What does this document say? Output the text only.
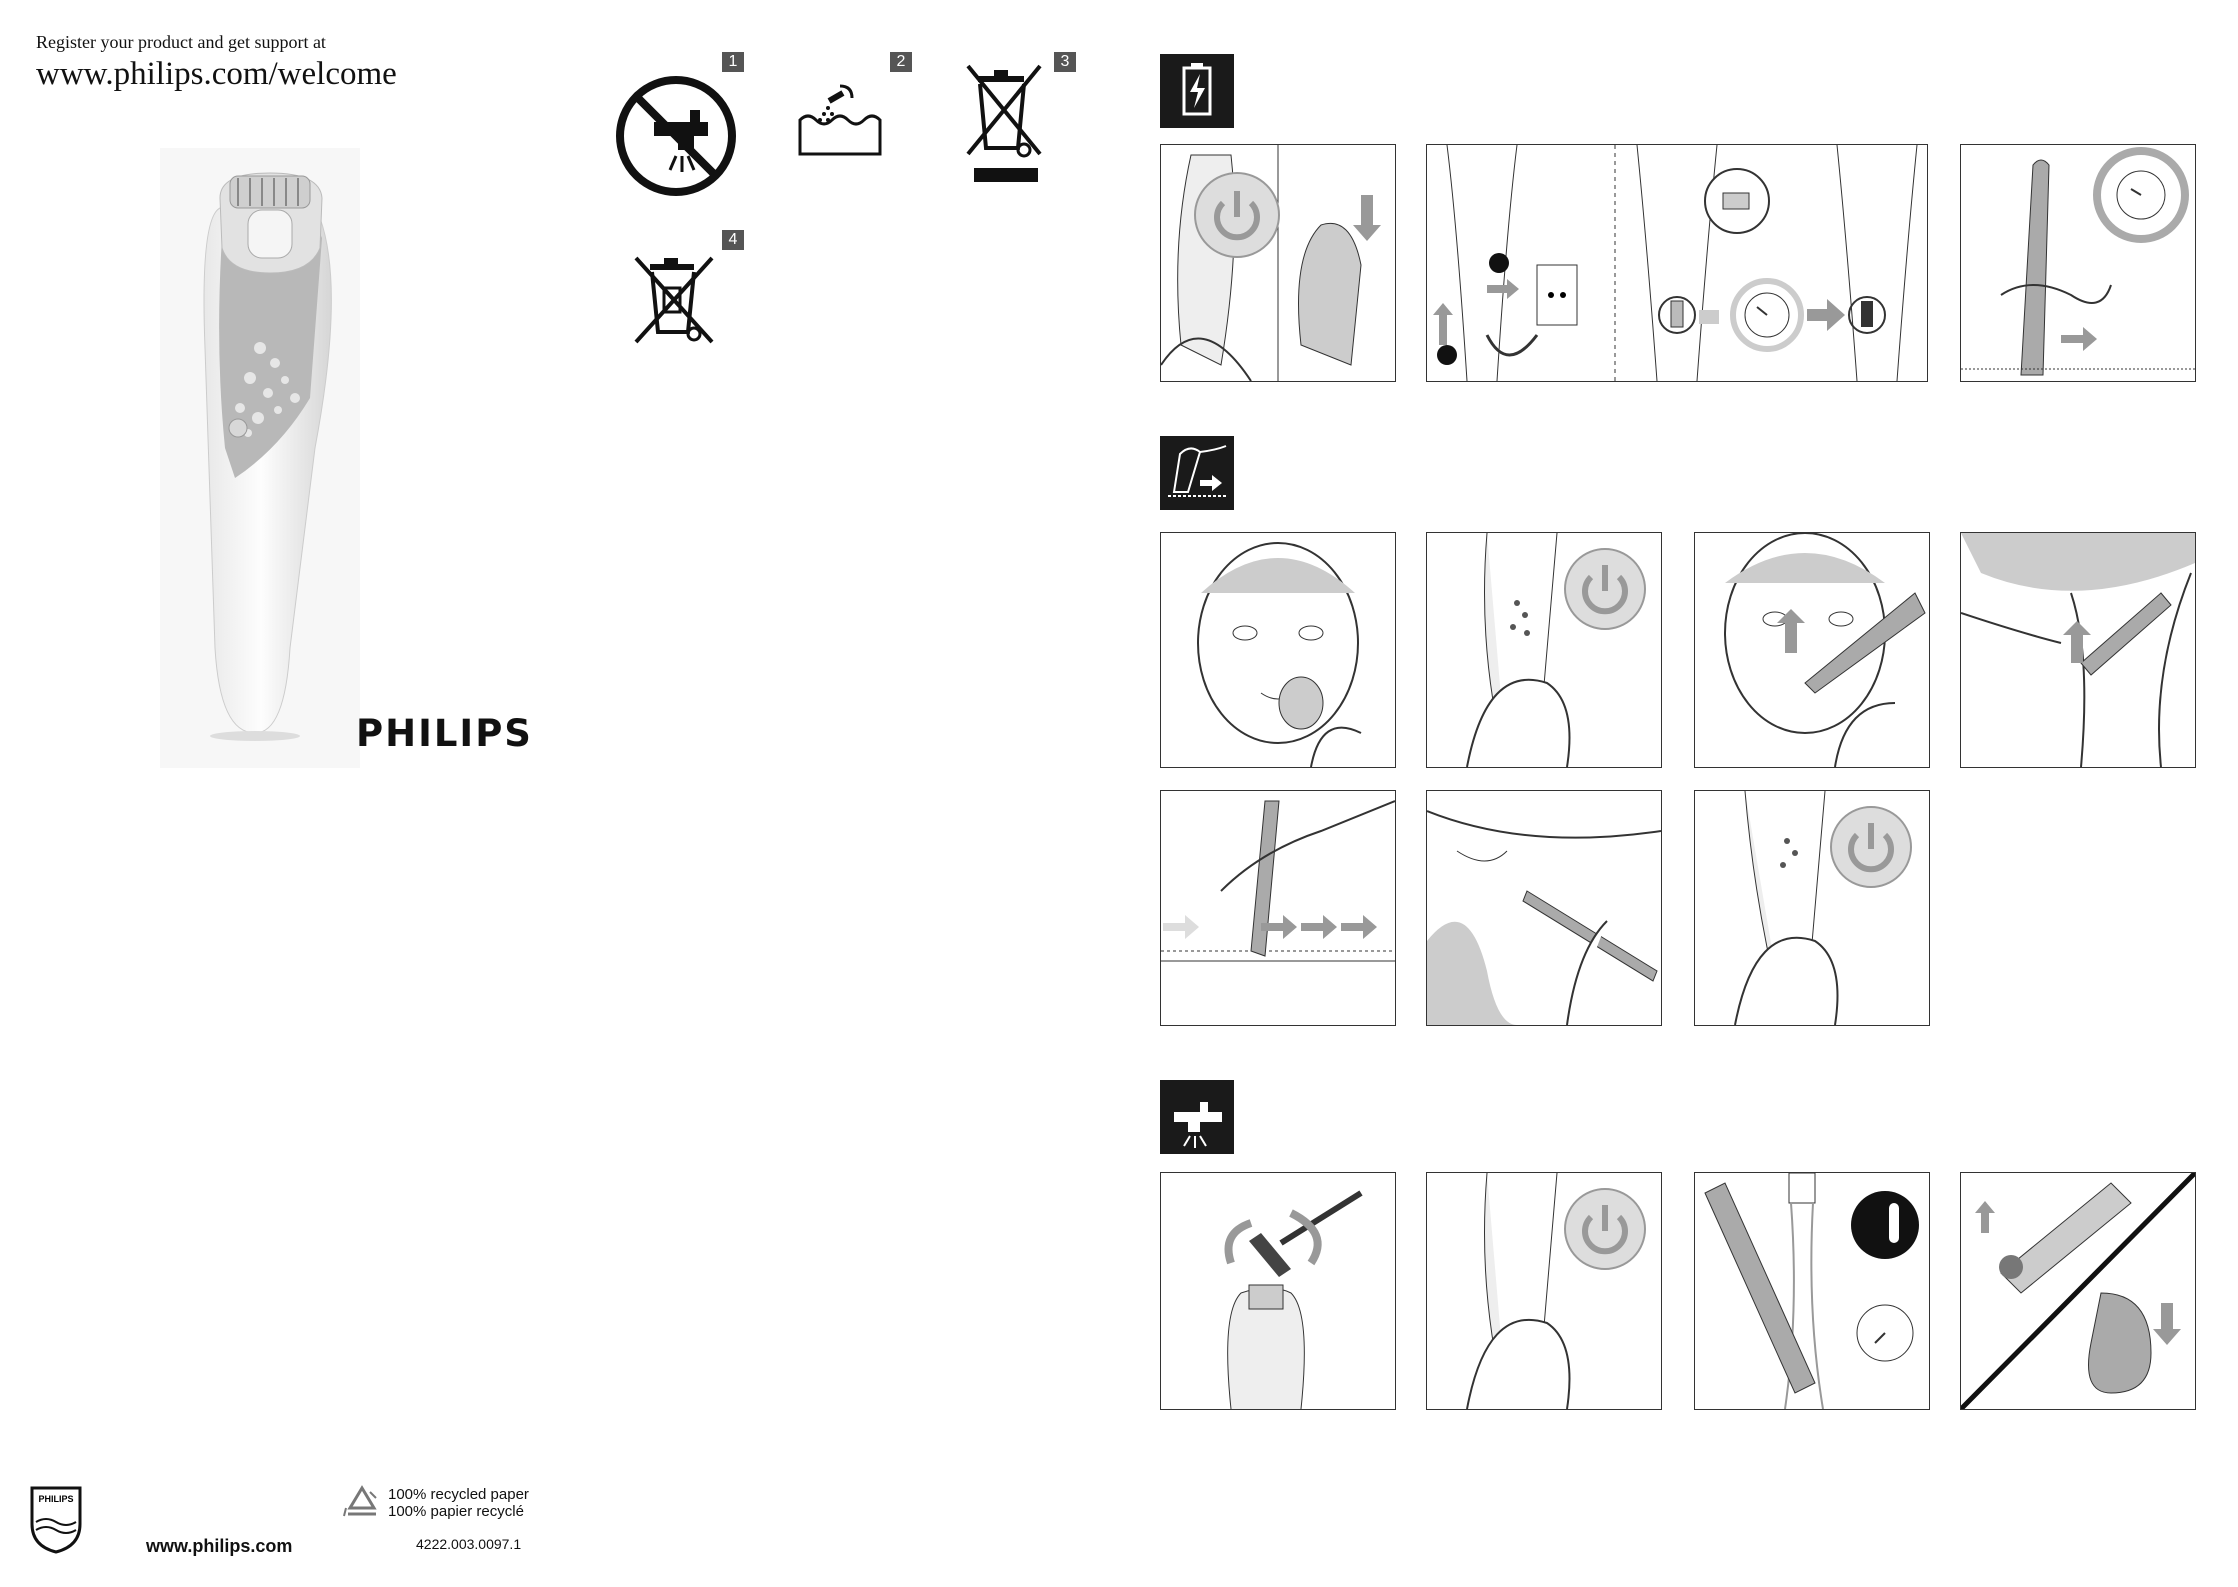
Register your product and get support at
www.philips.com/welcome
PHILIPS
1	2	3
4
PHILIPS
www.philips.com
100% recycled paper
100% papier recyclé
4222.003.0097.1
